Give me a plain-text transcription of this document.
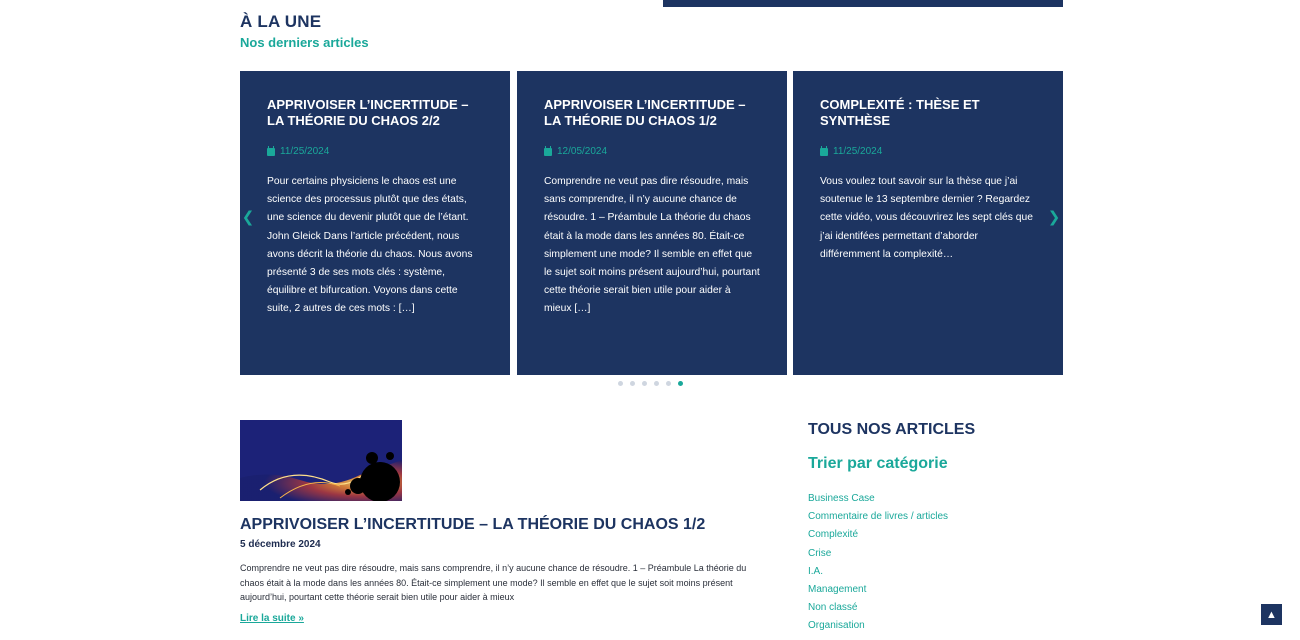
À LA UNE
Nos derniers articles
APPRIVOISER L’INCERTITUDE – LA THÉORIE DU CHAOS 2/2
11/25/2024
Pour certains physiciens le chaos est une science des processus plutôt que des états, une science du devenir plutôt que de l’étant. John Gleick Dans l’article précédent, nous avons décrit la théorie du chaos. Nous avons présenté 3 de ses mots clés : système, équilibre et bifurcation. Voyons dans cette suite, 2 autres de ces mots : […]
APPRIVOISER L’INCERTITUDE – LA THÉORIE DU CHAOS 1/2
12/05/2024
Comprendre ne veut pas dire résoudre, mais sans comprendre, il n’y aucune chance de résoudre. 1 – Préambule La théorie du chaos était à la mode dans les années 80. Était-ce simplement une mode? Il semble en effet que le sujet soit moins présent aujourd’hui, pourtant cette théorie serait bien utile pour aider à mieux […]
COMPLEXITÉ : THÈSE ET SYNTHÈSE
11/25/2024
Vous voulez tout savoir sur la thèse que j’ai soutenue le 13 septembre dernier ? Regardez cette vidéo, vous découvrirez les sept clés que j’ai identifées permettant d’aborder différemment la complexité…
❮	❯
APPRIVOISER L’INCERTITUDE – LA THÉORIE DU CHAOS 1/2
5 décembre 2024
Comprendre ne veut pas dire résoudre, mais sans comprendre, il n’y aucune chance de résoudre. 1 – Préambule La théorie du chaos était à la mode dans les années 80. Était-ce simplement une mode? Il semble en effet que le sujet soit moins présent aujourd’hui, pourtant cette théorie serait bien utile pour aider à mieux
Lire la suite »
TOUS NOS ARTICLES
Trier par catégorie
Business Case
Commentaire de livres / articles
Complexité
Crise
I.A.
Management
Non classé
Organisation
▲
